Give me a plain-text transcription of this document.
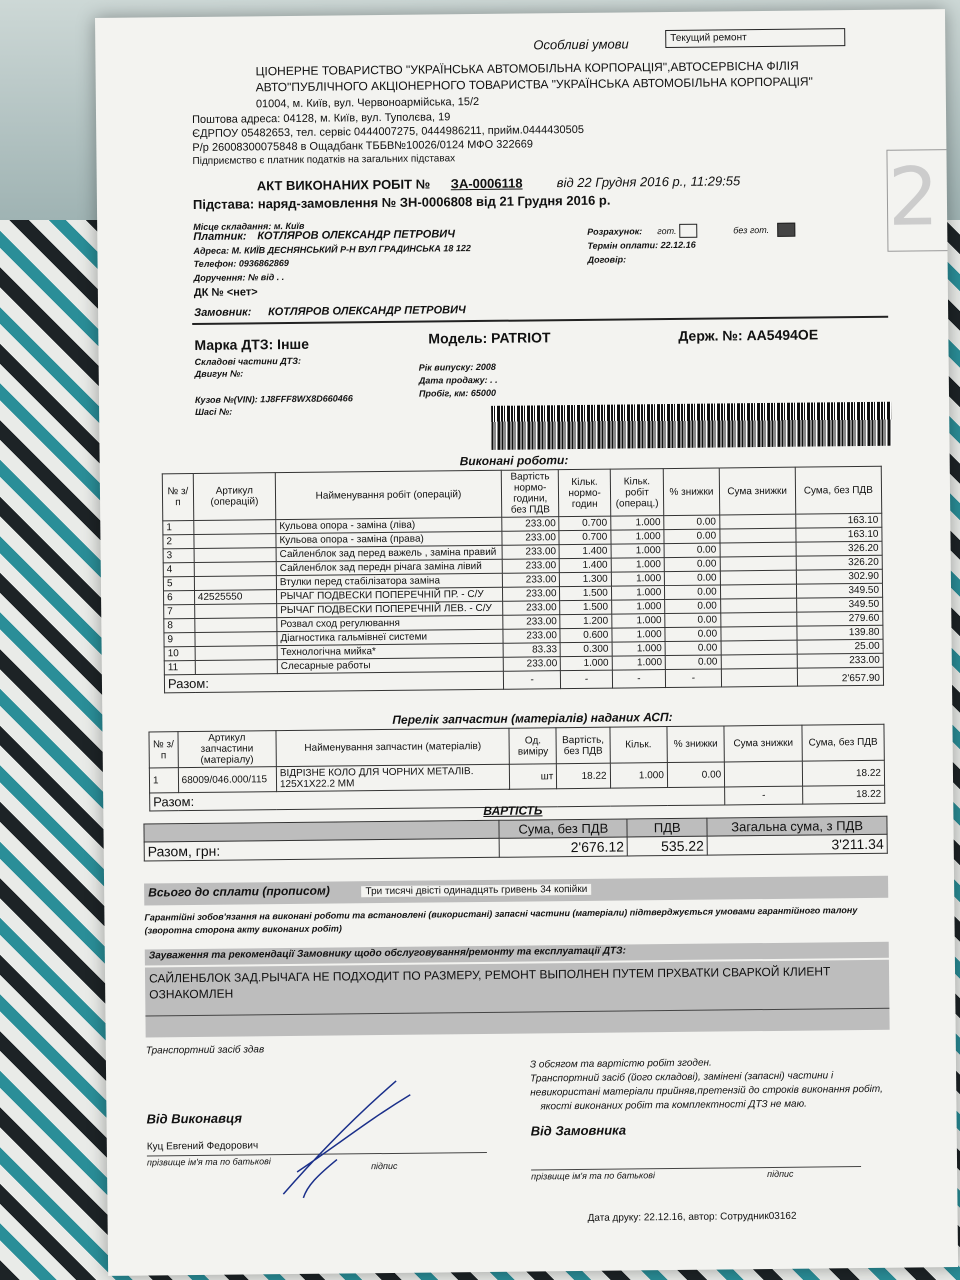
2
Особливі умови	Текущий ремонт
ЦІОНЕРНЕ ТОВАРИСТВО "УКРАЇНСЬКА АВТОМОБІЛЬНА КОРПОРАЦІЯ",АВТОСЕРВІСНА ФІЛІЯ
АВТО"ПУБЛІЧНОГО АКЦІОНЕРНОГО ТОВАРИСТВА "УКРАЇНСЬКА АВТОМОБІЛЬНА КОРПОРАЦІЯ"
01004, м. Київ, вул. Червоноармійська, 15/2
Поштова адреса: 04128, м. Київ, вул. Туполєва, 19
ЄДРПОУ 05482653, тел. сервіс 0444007275, 0444986211, прийм.0444430505
Р/р 26008300075848 в Ощадбанк ТББВ№10026/0124 МФО 322669
Підприємство є платник податків на загальних підставах
АКТ ВИКОНАНИХ РОБІТ № ЗА-0006118	від 22 Грудня 2016 р., 11:29:55
Підстава: наряд-замовлення № ЗН-0006808 від 21 Грудня 2016 р.
Місце складання: м. Київ
Платник: КОТЛЯРОВ ОЛЕКСАНДР ПЕТРОВИЧ
Адреса: М. КИЇВ ДЕСНЯНСЬКИЙ Р-Н ВУЛ ГРАДИНСЬКА 18 122
Телефон: 0936862869
Доручення: № від . .
ДК № <нет>
Розрахунок: гот.	без гот.
Термін оплати: 22.12.16
Договір:
Замовник: КОТЛЯРОВ ОЛЕКСАНДР ПЕТРОВИЧ
Марка ДТЗ: Інше	Модель: PATRIOT	Держ. №: АА5494ОЕ
Складові частини ДТЗ:
Двигун №:
Рік випуску: 2008
Дата продажу: . .
Пробіг, км: 65000
Кузов №(VIN): 1J8FFF8WX8D660466
Шасі №:
Виконані роботи:
№ з/п	Артикул (операцій)	Найменування робіт (операцій)	Вартість нормо-години, без ПДВ	Кільк. нормо-годин	Кільк. робіт (операц.)	% знижки	Сума знижки	Сума, без ПДВ
1		Кульова опора - заміна (ліва)	233.00	0.700	1.000	0.00		163.10
2		Кульова опора - заміна (права)	233.00	0.700	1.000	0.00		163.10
3		Сайленблок зад перед важель , заміна правий	233.00	1.400	1.000	0.00		326.20
4		Сайленблок зад передн рiчага замiна лiвий	233.00	1.400	1.000	0.00		326.20
5		Втулки перед стабілізатора заміна	233.00	1.300	1.000	0.00		302.90
6	42525550	РЫЧАГ ПОДВЕСКИ ПОПЕРЕЧНІЙ ПР. - С/У	233.00	1.500	1.000	0.00		349.50
7		РЫЧАГ ПОДВЕСКИ ПОПЕРЕЧНІЙ ЛЕВ. - С/У	233.00	1.500	1.000	0.00		349.50
8		Розвал сход регулювання	233.00	1.200	1.000	0.00		279.60
9		Діагностика гальмівнеї системи	233.00	0.600	1.000	0.00		139.80
10		Технологічна мийка*	83.33	0.300	1.000	0.00		25.00
11		Слесарные работы	233.00	1.000	1.000	0.00		233.00
Разом:			-	-	-	-		2'657.90
Перелік запчастин (матеріалів) наданих АСП:
№ з/п	Артикул запчастини (матеріалу)	Найменування запчастин (матеріалів)	Од. виміру	Вартість, без ПДВ	Кільк.	% знижки	Сума знижки	Сума, без ПДВ
1	68009/046.000/115	ВІДРІЗНЕ КОЛО ДЛЯ ЧОРНИХ МЕТАЛІВ. 125X1X22.2 MM	шт	18.22	1.000	0.00		18.22
Разом:							-	18.22
ВАРТІСТЬ
	Сума, без ПДВ	ПДВ	Загальна сума, з ПДВ
Разом, грн:	2'676.12	535.22	3'211.34
Всього до сплати (прописом)	Три тисячі двісті одинадцять гривень 34 копійки
Гарантійні зобов'язання на виконані роботи та встановлені (використані) запасні частини (матеріали) підтверджується умовами гарантійного талону (зворотна сторона акту виконаних робіт)
Зауваження та рекомендації Замовнику щодо обслуговування/ремонту та експлуатації ДТЗ:
САЙЛЕНБЛОК ЗАД.РЫЧАГА НЕ ПОДХОДИТ ПО РАЗМЕРУ, РЕМОНТ ВЫПОЛНЕН ПУТЕМ ПРХВАТКИ СВАРКОЙ КЛИЕНТ
ОЗНАКОМЛЕН
Транспортний засіб здав
З обсягом та вартістю робіт згоден.
Транспортний засіб (його складові), замінені (запасні) частини і
невикористані матеріали прийняв,претензій до строків виконання робіт,
якості виконаних робіт та комплектності ДТЗ не маю.
Від Виконавця
Від Замовника
Куц Евгений Федорович
прізвище ім'я та по батькові	підпис
прізвище ім'я та по батькові	підпис
Дата друку: 22.12.16, автор: Сотрудник03162
